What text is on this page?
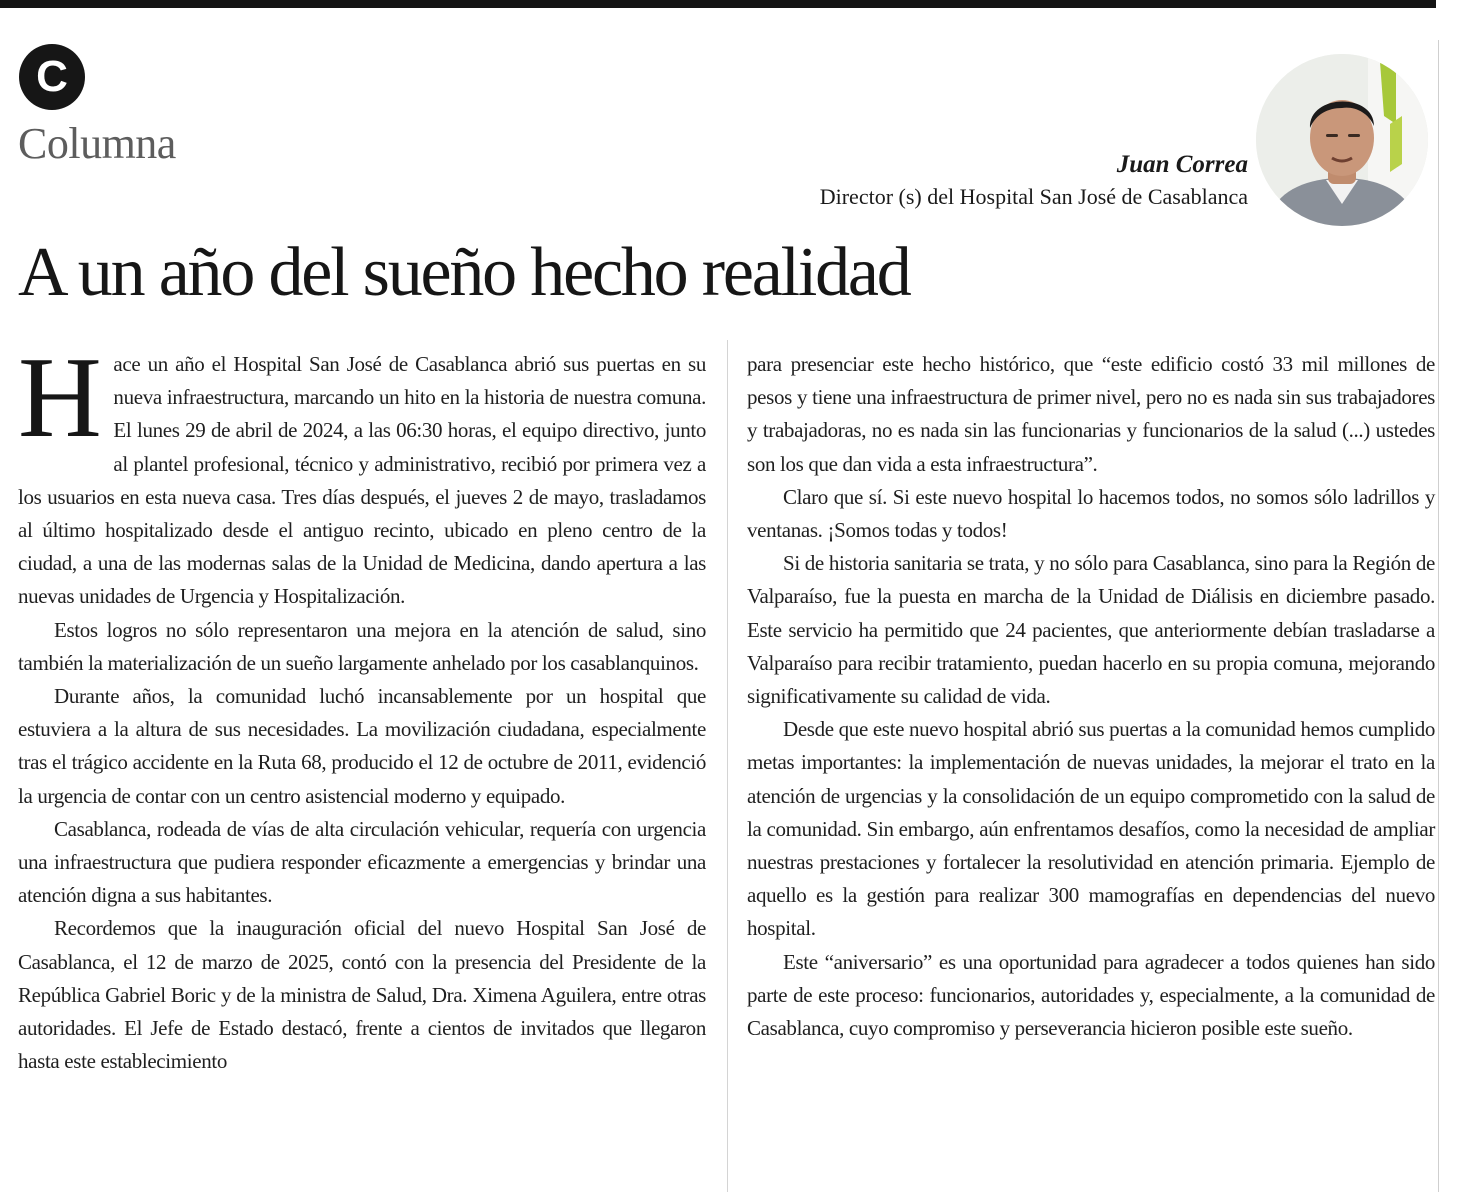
C
Columna	Juan Correa
Director (s) del Hospital San José de Casablanca
A un año del sueño hecho realidad

Hace un año el Hospital San José de Casablanca abrió sus puertas en su nueva infraestructura, marcando un hito en la historia de nuestra comuna. El lunes 29 de abril de 2024, a las 06:30 horas, el equipo directivo, junto al plantel profesional, técnico y administrativo, recibió por primera vez a los usuarios en esta nueva casa. Tres días después, el jueves 2 de mayo, trasladamos al último hospitalizado desde el antiguo recinto, ubicado en pleno centro de la ciudad, a una de las modernas salas de la Unidad de Medicina, dando apertura a las nuevas unidades de Urgencia y Hospitalización.

Estos logros no sólo representaron una mejora en la atención de salud, sino también la materialización de un sueño largamente anhelado por los casablanquinos.

Durante años, la comunidad luchó incansablemente por un hospital que estuviera a la altura de sus necesidades. La movilización ciudadana, especialmente tras el trágico accidente en la Ruta 68, producido el 12 de octubre de 2011, evidenció la urgencia de contar con un centro asistencial moderno y equipado.

Casablanca, rodeada de vías de alta circulación vehicular, requería con urgencia una infraestructura que pudiera responder eficazmente a emergencias y brindar una atención digna a sus habitantes.

Recordemos que la inauguración oficial del nuevo Hospital San José de Casablanca, el 12 de marzo de 2025, contó con la presencia del Presidente de la República Gabriel Boric y de la ministra de Salud, Dra. Ximena Aguilera, entre otras autoridades. El Jefe de Estado destacó, frente a cientos de invitados que llegaron hasta este establecimiento

para presenciar este hecho histórico, que “este edificio costó 33 mil millones de pesos y tiene una infraestructura de primer nivel, pero no es nada sin sus trabajadores y trabajadoras, no es nada sin las funcionarias y funcionarios de la salud (...) ustedes son los que dan vida a esta infraestructura”.

Claro que sí. Si este nuevo hospital lo hacemos todos, no somos sólo ladrillos y ventanas. ¡Somos todas y todos!

Si de historia sanitaria se trata, y no sólo para Casablanca, sino para la Región de Valparaíso, fue la puesta en marcha de la Unidad de Diálisis en diciembre pasado. Este servicio ha permitido que 24 pacientes, que anteriormente debían trasladarse a Valparaíso para recibir tratamiento, puedan hacerlo en su propia comuna, mejorando significativamente su calidad de vida.

Desde que este nuevo hospital abrió sus puertas a la comunidad hemos cumplido metas importantes: la implementación de nuevas unidades, la mejorar el trato en la atención de urgencias y la consolidación de un equipo comprometido con la salud de la comunidad. Sin embargo, aún enfrentamos desafíos, como la necesidad de ampliar nuestras prestaciones y fortalecer la resolutividad en atención primaria. Ejemplo de aquello es la gestión para realizar 300 mamografías en dependencias del nuevo hospital.

Este “aniversario” es una oportunidad para agradecer a todos quienes han sido parte de este proceso: funcionarios, autoridades y, especialmente, a la comunidad de Casablanca, cuyo compromiso y perseverancia hicieron posible este sueño.
